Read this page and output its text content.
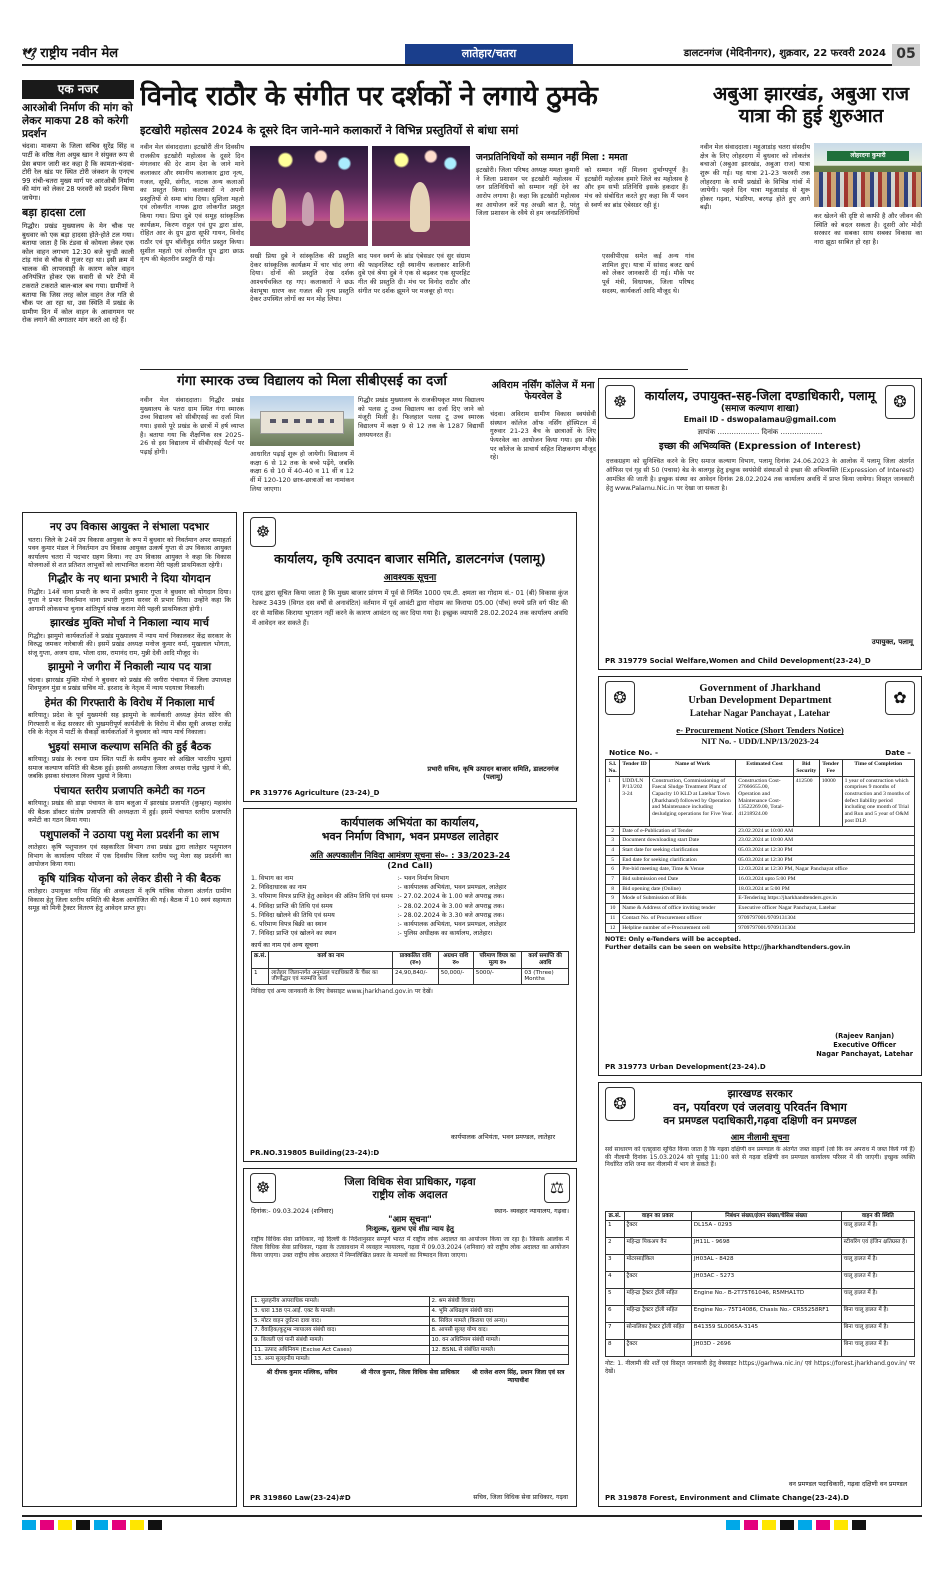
🕊 राष्ट्रीय नवीन मेल	लातेहार/चतरा	डालटनगंज (मेदिनीनगर), शुक्रवार, 22 फरवरी 2024 05
एक नजर
आरओबी निर्माण की मांग को लेकर माकपा 28 को करेगी प्रदर्शन
चंदवा। माकपा के जिला सचिव सुरेंद्र सिंह व पार्टी के वरिष्ठ नेता अयुब खान ने संयुक्त रूप से प्रेस बयान जारी कर कहा है कि कामता-चंदवा-टोरी रेल खंड पर स्थित टोरी जंक्शन के एनएच 99 रांची-चतरा मुख्य मार्ग पर आरओबी निर्माण की मांग को लेकर 28 फरवरी को प्रदर्शन किया जायेगा।
बड़ा हादसा टला
गिद्धौर। प्रखंड मुख्यालय के मेन चौक पर बुधवार को एक बड़ा हादसा होते-होते टल गया। बताया जाता है कि टंडवा से कोयला लेकर एक कोल वाहन लगभग 12:30 बजे चुन्डी काली टांड़ गांव से चौक से गुजर रहा था। इसी क्रम में चालक की लापरवाही के कारण कोल वाहन अनियंत्रित होकर एक सवारी से भरे टेंपो में टकराते टकराते बाल-बाल बच गया। ग्रामीणों ने बताया कि जिस तरह कोल वाहन तेज गति से चौक पर आ रहा था, उस स्थिति में प्रखंड के ग्रामीण दिन में कोल वाहन के आवागमन पर रोक लगाने की लगातार मांग करते आ रहे हैं।
विनोद राठौर के संगीत पर दर्शकों ने लगाये ठुमके
इटखोरी महोत्सव 2024 के दूसरे दिन जाने-माने कलाकारों ने विभिन्न प्रस्तुतियों से बांधा समां
नवीन मेल संवाददाता। इटखोरी तीन दिवसीय राजकीय इटखोरी महोत्सव के दूसरे दिन मंगलवार की देर शाम देश के जाने माने कलाकार और स्थानीय कलाकार द्वारा नृत्य, गजल, सूफी, संगीत, नाटक अन्य कलाओं का प्रस्तुत किया। कलाकारों ने अपनी प्रस्तुतियों से समा बांध दिया। सुशिला महतो एवं लोकगीत नायक द्वारा लोकगीत प्रस्तुत किया गया। प्रिया दुबे एवं समूह सांस्कृतिक कार्यक्रम, किरण राहुल एवं ग्रुप द्वारा डांस, रोहित आर के ग्रुप द्वारा सूफी गायन, विनोद राठौर एवं ग्रुप बॉलीवुड संगीत प्रस्तुत किया। सुशील महतो एवं लोकगीत ग्रुप द्वारा छाऊ नृत्य की बेहतरीन प्रस्तुति दी गई।	सखी प्रिया दुबे ने सांस्कृतिक की प्रस्तुति देकर सांस्कृतिक कार्यक्रम में चार चांद लगा दिया। दोनों की प्रस्तुति देख दर्शक आश्चर्यचकित रह गए। कलाकारों ने छऊ वेशभूषा धारण कर गजल की नृत्य प्रस्तुति देकर उपस्थित लोगों का मन मोह लिया।
बाद पवन स्वर्ण के ब्रांड एंबेसडर एवं सुर संग्राम की फाइनलिस्ट रही स्थानीय कलाकार शालिनी दुबे एवं श्रेया दुबे ने एक से बढ़कर एक सुपरहिट गीत की प्रस्तुति दी। मंच पर विनोद राठौर और संगीत पर दर्शक झूमने पर मजबूर हो गए।
जनप्रतिनिधियों को सम्मान नहीं मिला : ममता
इटखोरी। जिला परिषद अध्यक्ष ममता कुमारी ने जिला प्रशासन पर इटखोरी महोत्सव में जन प्रतिनिधियों को सम्मान नहीं देने का आरोप लगाया है। कहा कि इटखोरी महोत्सव का आयोजन करें यह अच्छी बात है, परंतु जिला प्रशासन के रवैये से हम जनप्रतिनिधियों को सम्मान नहीं मिलना दुर्भाग्यपूर्ण है। इटखोरी महोत्सव हमारे जिले का महोत्सव है और हम सभी प्रतिनिधि इसके हकदार हैं। मंच को संबोधित करते हुए कहा कि मैं पवन से स्वर्ण का ब्रांड एंबेसडर रही हूं।
गंगा स्मारक उच्च विद्यालय को मिला सीबीएसई का दर्जा
नवीन मेल संवाददाता। गिद्धौर प्रखंड मुख्यालय के पतरा ग्राम स्थित गंगा स्मारक उच्च विद्यालय को सीबीएसई का दर्जा मिल गया। इससे पूरे प्रखंड के छात्रों में हर्ष व्याप्त है। बताया गया कि शैक्षणिक सत्र 2025-26 से इस विद्यालय में सीबीएसई पैटर्न पर पढ़ाई होगी।	आधारित पढ़ाई शुरू हो जायेगी। विद्यालय में कक्षा 6 से 12 तक के बच्चे पढ़ेंगे, जबकि कक्षा 6 से 10 में 40-40 व 11 वीं व 12 वीं में 120-120 छात्र-छात्राओं का नामांकन लिया जाएगा।
गिद्धौर प्रखंड मुख्यालय के राजकीयकृत मध्य विद्यालय को पलस टू उच्च विद्यालय का दर्जा दिए जाने को मंजूरी मिली है। फिलहाल पलस टू उच्च स्मारक विद्यालय में कक्षा 9 से 12 तक के 1287 विद्यार्थी अध्ययनरत हैं।
अविराम नर्सिंग कॉलेज में मना फेयरवेल डे
चंदवा। अविराम ग्रामीण विकास स्वयंसेवी संस्थान कॉलेज ऑफ नर्सिंग हॉस्पिटल में गुरुवार 21-23 बैच के छात्राओं के लिए फेयरवेल का आयोजन किया गया। इस मौके पर कॉलेज के प्राचार्य सहित शिक्षकगण मौजूद रहे।
अबुआ झारखंड, अबुआ राज यात्रा की हुई शुरुआत
नवीन मेल संवाददाता। महुआडांड़ चतरा संसदीय क्षेत्र के लिए लोहरदगा में बुधवार को लोकतंत्र बचाओ (अबुआ झारखंड, अबुआ राज) यात्रा शुरू की गई। यह यात्रा 21-23 फरवरी तक लोहरदगा के सभी प्रखंडों के विभिन्न गांवों में जायेगी। पहले दिन यात्रा महुआडांड़ से शुरू होकर गढ़वा, भंडरिया, बरगढ़ होते हुए आगे बढ़ी।
लोहरदगा कुमारी
कर खेलने की दृष्टि से काफी है और जीवन की स्थिति को बदल सकता है। दूसरी ओर मोदी सरकार का सबका साथ सबका विकास का नारा झूठा साबित हो रहा है।
एसवीपीएस समेत कई अन्य गांव शामिल हुए। यात्रा में सांसद बजट खर्च को लेकर जानकारी दी गई। मौके पर पूर्व मंत्री, विधायक, जिला परिषद सदस्य, कार्यकर्ता आदि मौजूद थे।
☸	❂
कार्यालय, उपायुक्त-सह-जिला दण्डाधिकारी, पलामू
(समाज कल्याण शाखा)
Email ID - dswopalamau@gmail.com
ज्ञापांक ……………… दिनांक ………………
इच्छा की अभिव्यक्ति (Expression of Interest)
दत्तकग्रहण को सुनिश्चित करने के लिए समाज कल्याण विभाग, पलामू दिनांक 24.06.2023 के आलोक में पलामू जिला अंतर्गत ऑफिस एवं गृह सी 50 (पचास) बेड के बालगृह हेतु इच्छुक स्वयंसेवी संस्थाओं से इच्छा की अभिव्यक्ति (Expression of Interest) आमंत्रित की जाती है। इच्छुक संस्था का आवेदन दिनांक 28.02.2024 तक कार्यालय अवधि में प्राप्त किया जायेगा। विस्तृत जानकारी हेतु www.Palamu.Nic.in पर देखा जा सकता है।
उपायुक्त, पलामू
PR 319779 Social Welfare,Women and Child Development(23-24)_D
नए उप विकास आयुक्त ने संभाला पदभार
चतरा। जिले के 24वें उप विकास आयुक्त के रूप में बुधवार को निवर्तमान अपर समाहर्ता पवन कुमार मंडल ने निवर्तमान उप विकास आयुक्त उत्कर्ष गुप्ता से उप विकास आयुक्त कार्यालय चतरा में पदभार ग्रहण किया। नए उप विकास आयुक्त ने कहा कि विकास योजनाओं से शत प्रतिशत लाभुकों को लाभान्वित कराना मेरी पहली प्राथमिकता रहेगी।
गिद्धौर के नए थाना प्रभारी ने दिया योगदान
गिद्धौर। 14वें थाना प्रभारी के रूप में अमीत कुमार गुप्ता ने बुधवार को योगदान दिया। गुप्ता ने प्रभार निवर्तमान थाना प्रभारी गुलाम सरवर से प्रभार लिया। उन्होंने कहा कि आगामी लोकसभा चुनाव शांतिपूर्ण संपन्न कराना मेरी पहली प्राथमिकता होगी।
झारखंड मुक्ति मोर्चा ने निकाला न्याय मार्च
गिद्धौर। झामुमो कार्यकर्ताओं ने प्रखंड मुख्यालय में न्याय मार्च निकालकर केंद्र सरकार के विरुद्ध जमकर नारेबाजी की। इसमें प्रखंड अध्यक्ष मनोज कुमार वर्मा, मुखलाल भोगता, संजू गुप्ता, अजय दास, भोला दास, रामानंद राम, मुन्नी देवी आदि मौजूद थे।
झामुमो ने जगीरा में निकाली न्याय पद यात्रा
चंदवा। झारखंड मुक्ति मोर्चा ने बुधवार को प्रखंड की जगीरा पंचायत में जिला उपाध्यक्ष शिवपूजन मुंडा व प्रखंड सचिव मो. इरशाद के नेतृत्व में न्याय पदयात्रा निकाली।
हेमंत की गिरफ्तारी के विरोध में निकाला मार्च
बारियातू। प्रदेश के पूर्व मुख्यमंत्री सह झामुमो के कार्यकारी अध्यक्ष हेमंत सोरेन की गिरफ्तारी व केंद्र सरकार की भुखमरीपूर्ण कार्यशैली के विरोध में बीस सूत्री अध्यक्ष राजेंद्र रवि के नेतृत्व में पार्टी के सैकड़ों कार्यकर्ताओं ने बुधवार को न्याय मार्च निकाला।
भुइयां समाज कल्याण समिति की हुई बैठक
बारियातू। प्रखंड के रचना ग्राम स्थित पार्टी के समीप कुमार को अखिल भारतीय भुइयां समाज कल्याण समिति की बैठक हुई। इसकी अध्यक्षता जिला अध्यक्ष राजेंद्र भुइयां ने की, जबकि इसका संचालन विजय भुइयां ने किया।
पंचायत स्तरीय प्रजापति कमेटी का गठन
बारियातू। प्रखंड की डाढ़ा पंचायत के ग्राम बलुआ में झारखंड प्रजापति (कुम्हार) महासंघ की बैठक डॉक्टर संतोष प्रजापति की अध्यक्षता में हुई। इसमें पंचायत स्तरीय प्रजापति कमेटी का गठन किया गया।
पशुपालकों ने उठाया पशु मेला प्रदर्शनी का लाभ
लातेहार। कृषि पशुपालन एवं सहकारिता विभाग तथा प्रखंड द्वारा लातेहार पशुपालन विभाग के कार्यालय परिसर में एक दिवसीय जिला स्तरीय पशु मेला सह प्रदर्शनी का आयोजन किया गया।
कृषि यांत्रिक योजना को लेकर डीसी ने की बैठक
लातेहार। उपायुक्त गरिमा सिंह की अध्यक्षता में कृषि यांत्रिक योजना अंतर्गत ग्रामीण विकास हेतु जिला स्तरीय समिति की बैठक आयोजित की गई। बैठक में 10 स्वयं सहायता समूह को मिनी ट्रैक्टर वितरण हेतु आवेदन प्राप्त हुए।
☸
कार्यालय, कृषि उत्पादन बाजार समिति, डालटनगंज (पलामू)
आवश्यक सूचना
एतद द्वारा सूचित किया जाता है कि मुख्य बाजार प्रांगण में पूर्व से निर्मित 1000 एम.टी. क्षमता का गोदाम सं.- 01 (बी) विकास कुंज रेडरूट 3439 (विगत दस वर्षों से अनावंटित) वर्तमान में पूर्व आवंटी द्वारा गोदाम का किराया 05.00 (पाँच) रुपये प्रति वर्ग फीट की दर से मासिक किराया भुगतान नहीं करने के कारण आवंटन रद्द कर दिया गया है। इच्छुक व्यापारी 28.02.2024 तक कार्यालय अवधि में आवेदन कर सकते हैं।
प्रभारी सचिव, कृषि उत्पादन बाजार समिति, डालटनगंज (पलामू)
PR 319776 Agriculture (23-24)_D
कार्यपालक अभियंता का कार्यालय,
भवन निर्माण विभाग, भवन प्रमण्डल लातेहार
अति अल्पकालीन निविदा आमंत्रण सूचना सं०- : 33/2023-24
(2nd Call)
1. विभाग का नाम	:- भवन निर्माण विभाग
2. निविदाधारक का नाम	:- कार्यपालक अभियंता, भवन प्रमण्डल, लातेहार
3. परिमाण विपत्र प्राप्ति हेतु आवेदन की अंतिम तिथि एवं समय :- 27.02.2024 के 1.00 बजे अपराह्न तक।
4. निविदा प्राप्ति की तिथि एवं समय	:- 28.02.2024 के 3.00 बजे अपराह्न तक।
5. निविदा खोलने की तिथि एवं समय	:- 28.02.2024 के 3.30 बजे अपराह्न तक।
6. परिमाण विपत्र बिक्री का स्थान	:- कार्यपालक अभियंता, भवन प्रमण्डल, लातेहार
7. निविदा प्राप्ति एवं खोलने का स्थान	:- पुलिस अधीक्षक का कार्यालय, लातेहार।
कार्य का नाम एवं अन्य सूचना
क्र.सं.	कार्य का नाम	प्राक्कलित राशि (रु०)	अग्रधन राशि रु०	परिमाण विपत्र का मूल्य रु०	कार्य समाप्ति की अवधि
1	लातेहार जिलान्तर्गत अनुमंडल पदाधिकारी के चैंबर का जीर्णोद्धार एवं मरम्मत्ति कार्य	24,90,840/-	50,000/-	5000/-	03 (Three) Months
निविदा एवं अन्य जानकारी के लिए वेबसाइट www.jharkhand.gov.in पर देखें।
कार्यपालक अभियंता, भवन प्रमण्डल, लातेहार
PR.NO.319805 Building(23-24):D
☸	⚖
जिला विधिक सेवा प्राधिकार, गढ़वा
राष्ट्रीय लोक अदालत
दिनांक:- 09.03.2024 (शनिवार)	स्थान- व्यवहार न्यायालय, गढ़वा।
"आम सूचना"
निःशुल्क, सुलभ एवं शीघ्र न्याय हेतु
राष्ट्रीय विधिक सेवा प्राधिकार, नई दिल्ली के निर्देशानुसार सम्पूर्ण भारत में राष्ट्रीय लोक अदालत का आयोजन किया जा रहा है। जिसके आलोक में जिला विधिक सेवा प्राधिकार, गढ़वा के तत्वावधान में व्यवहार न्यायालय, गढ़वा में 09.03.2024 (शनिवार) को राष्ट्रीय लोक अदालत का आयोजन किया जाएगा। उक्त राष्ट्रीय लोक अदालत में निम्नलिखित प्रकार के मामलों का निष्पादन किया जाएगा।
1. सुलहनीय आपराधिक मामले।	2. श्रम संबंधी विवाद।
3. धारा 138 एन.आई. एक्ट के मामले।	4. भूमि अधिग्रहण संबंधी वाद।
5. मोटर वाहन दुर्घटना दावा वाद।	6. सिविल मामले (किराया एवं अन्य)।
7. वैवाहिक/कुटुम्ब न्यायालय संबंधी वाद।	8. आपसी सुलह योग्य वाद।
9. बिजली एवं पानी संबंधी मामले।	10. वन अधिनियम संबंधी मामले।
11. उत्पाद अधिनियम (Excise Act Cases)	12. BSNL से संबंधित मामले।
13. अन्य सुलहनीय मामले।	
श्री दीपक कुमार मल्लिक, सचिव	श्री नीरज कुमार, जिला विधिक सेवा प्राधिकार	श्री राजेश शरण सिंह, प्रधान जिला एवं सत्र न्यायाधीश
सचिव, जिला विधिक सेवा प्राधिकार, गढ़वा
PR 319860 Law(23-24)#D
❂	✿
Government of Jharkhand
Urban Development Department
Latehar Nagar Panchayat , Latehar
e- Procurement Notice (Short Tenders Notice)
NIT No. - UDD/LNP/13/2023-24
Notice No. -	Date –
S.l. No.	Tender ID	Name of Work	Estimated Cost	Bid Security	Tender Fee	Time of Completion
1	UDD/LN P/13/202 3-24	Construction, Commissioning of Faecal Sludge Treatment Plant of Capacity 10 KLD at Latehar Town (Jharkhand) followed by Operation and Maintenance including desludging operations for Five Year.	Construction Cost- 27666655.00, Operation and Maintenance Cost- 13522269.00, Total- 41218924.00	412500	10000	1 year of construction which comprises 9 months of construction and 3 months of defect liability period including one month of Trial and Run and 5 year of O&M post DLP.
2	Date of e-Publication of Tender		23.02.2024 at 10:00 AM			
3	Document downloading start Date		23.02.2024 at 10:00 AM			
4	Start date for seeking clarification		05.03.2024 at 12:30 PM			
5	End date for seeking clarification		05.03.2024 at 12:30 PM			
6	Pre-bid meeting date, Time & Venue		12.03.2024 at 12:30 PM, Nagar Panchayat office			
7	Bid submission end Date		16.03.2024 upto 5:00 PM			
8	Bid opening date (Online)		18.03.2024 at 5:00 PM			
9	Mode of Submission of Bids		E-Tendering https://jharkhandtenders.gov.in			
10	Name & Address of office inviting tender		Executive officer Nagar Panchayat, Latehar			
11	Contact No. of Procurement officer		9709797001/9709131304			
12	Helpline number of e-Procurement cell		9709797001/9709131304			
NOTE: Only e-Tenders will be accepted.
Further details can be seen on website http://jharkhandtenders.gov.in
(Rajeev Ranjan)
Executive Officer
Nagar Panchayat, Latehar
PR 319773 Urban Development(23-24).D
❂	झारखण्ड सरकार
वन, पर्यावरण एवं जलवायु परिवर्तन विभाग
वन प्रमण्डल पदाधिकारी,गढ़वा दक्षिणी वन प्रमण्डल
आम नीलामी सूचना
सर्व साधारण को एतद्द्वारा सूचित किया जाता है कि गढ़वा दक्षिणी वन प्रमण्डल के अंतर्गत जब्त वाहनों (जो कि वन अपराध में जब्त किये गये हैं) की नीलामी दिनांक 15.03.2024 को पूर्वाह्न 11:00 बजे से गढ़वा दक्षिणी वन प्रमण्डल कार्यालय परिसर में की जाएगी। इच्छुक व्यक्ति निर्धारित राशि जमा कर नीलामी में भाग ले सकते हैं।
क्र.सं.	वाहन का प्रकार	निबंधन संख्या/इंजन संख्या/चेसिस संख्या	वाहन की स्थिति
1	ट्रैक्टर	DL15A - 0293	चालू हालत में है।
2	महिन्द्रा पिकअप वैन	JH11L - 9698	स्टीयरिंग एवं इंजिन क्षतिग्रस्त है।
3	मोटरसाईकिल	JH03AL - 8428	चालू हालत में है।
4	ट्रैक्टर	JH03AC - 5273	चालू हालत में है।
5	महिन्द्रा ट्रैक्टर ट्रॉली सहित	Engine No.- B-2T75T61046, R5MHA1TD	चालू हालत में है।
6	महिन्द्रा ट्रैक्टर ट्रॉली सहित	Engine No.- 75T14086, Chasis No.- CR55258RF1	बिना चालू हालत में है।
7	सोनालिका ट्रैक्टर ट्रॉली सहित	B41359 SL0065A-3145	बिना चालू हालत में है।
8	ट्रैक्टर	JH03D - 2696	बिना चालू हालत में है।
नोट: 1. नीलामी की शर्तें एवं विस्तृत जानकारी हेतु वेबसाइट https://garhwa.nic.in/ एवं https://forest.jharkhand.gov.in/ पर देखें।
वन प्रमण्डल पदाधिकारी, गढ़वा दक्षिणी वन प्रमण्डल
PR 319878 Forest, Environment and Climate Change(23-24).D
